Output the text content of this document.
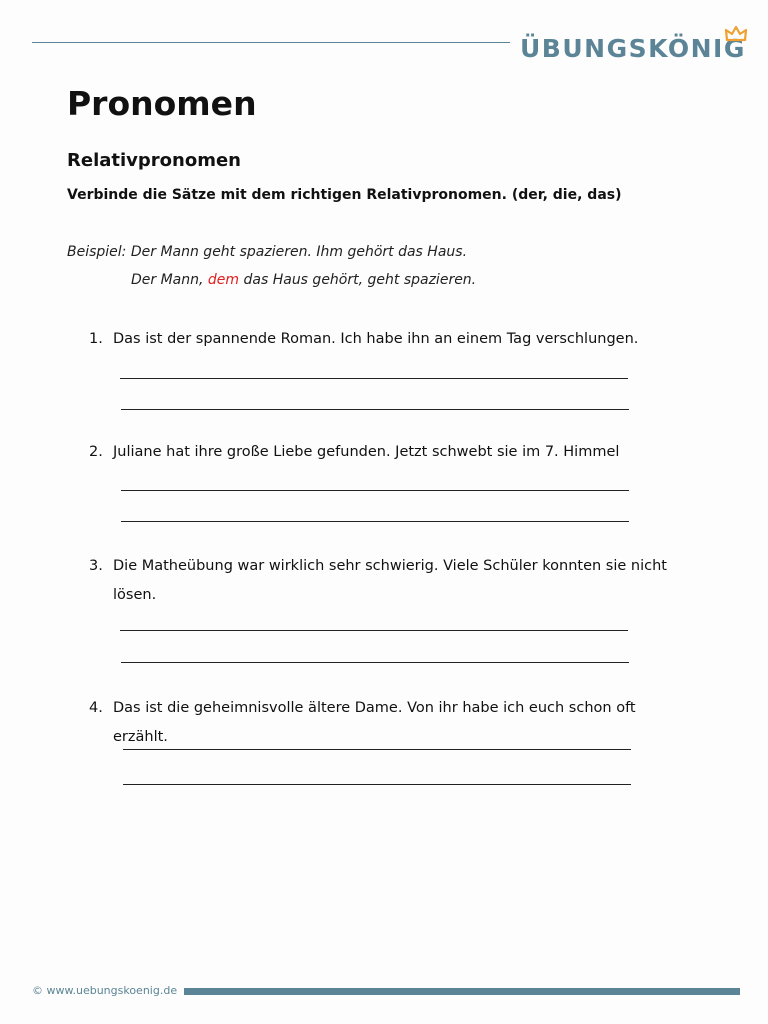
ÜBUNGSKÖNIG
Pronomen
Relativpronomen

Verbinde die Sätze mit dem richtigen Relativpronomen. (der, die, das)

Beispiel: Der Mann geht spazieren. Ihm gehört das Haus.
Der Mann, dem das Haus gehört, geht spazieren.
1. Das ist der spannende Roman. Ich habe ihn an einem Tag verschlungen.
2. Juliane hat ihre große Liebe gefunden. Jetzt schwebt sie im 7. Himmel
3. Die Matheübung war wirklich sehr schwierig. Viele Schüler konnten sie nicht lösen.
4. Das ist die geheimnisvolle ältere Dame. Von ihr habe ich euch schon oft erzählt.
© www.uebungskoenig.de
